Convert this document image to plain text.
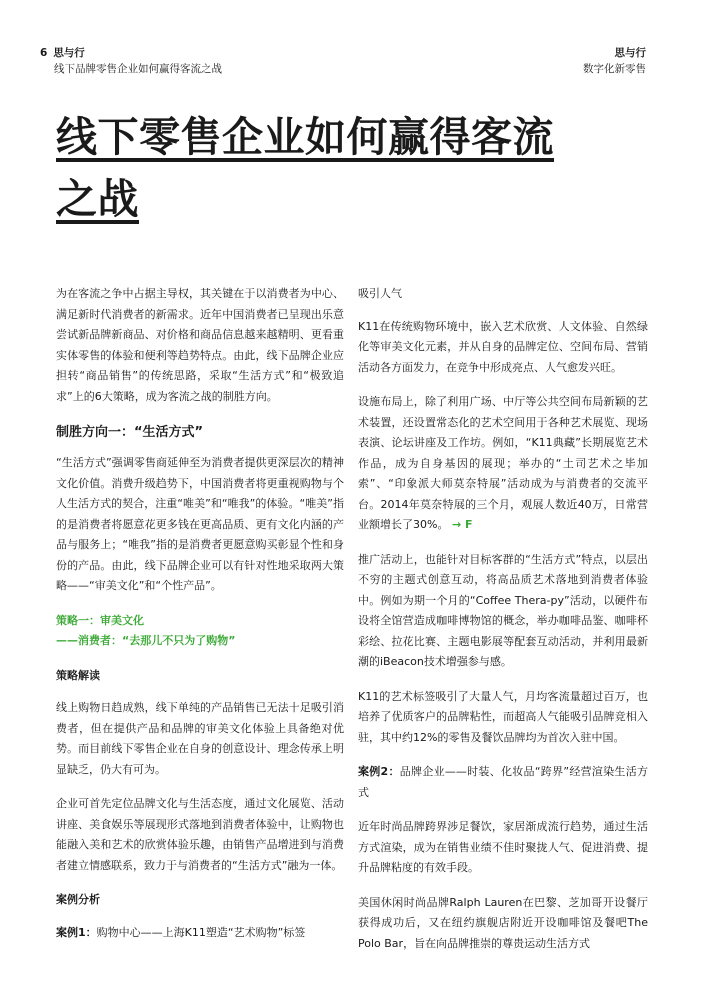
6 思与行
线下品牌零售企业如何赢得客流之战
思与行
数字化新零售
线下零售企业如何赢得客流
之战

为在客流之争中占据主导权，其关键在于以消费者为中心、满足新时代消费者的新需求。近年中国消费者已呈现出乐意尝试新品牌新商品、对价格和商品信息越来越精明、更看重实体零售的体验和便利等趋势特点。由此，线下品牌企业应担转“商品销售”的传统思路，采取“生活方式”和“极致追求”上的6大策略，成为客流之战的制胜方向。

制胜方向一：“生活方式”

“生活方式”强调零售商延伸至为消费者提供更深层次的精神文化价值。消费升级趋势下，中国消费者将更重视购物与个人生活方式的契合，注重“唯美”和“唯我”的体验。“唯美”指的是消费者将愿意花更多钱在更高品质、更有文化内涵的产品与服务上；“唯我”指的是消费者更愿意购买彰显个性和身份的产品。由此，线下品牌企业可以有针对性地采取两大策略——“审美文化”和“个性产品”。

策略一：审美文化
——消费者：“去那儿不只为了购物”
策略解读

线上购物日趋成熟，线下单纯的产品销售已无法十足吸引消费者，但在提供产品和品牌的审美文化体验上具备绝对优势。而目前线下零售企业在自身的创意设计、理念传承上明显缺乏，仍大有可为。

企业可首先定位品牌文化与生活态度，通过文化展览、活动讲座、美食娱乐等展现形式落地到消费者体验中，让购物也能融入美和艺术的欣赏体验乐趣，由销售产品增进到与消费者建立情感联系，致力于与消费者的“生活方式”融为一体。

案例分析

案例1：购物中心——上海K11塑造“艺术购物”标签

吸引人气

K11在传统购物环境中，嵌入艺术欣赏、人文体验、自然绿化等审美文化元素，并从自身的品牌定位、空间布局、营销活动各方面发力，在竞争中形成亮点、人气愈发兴旺。

设施布局上，除了利用广场、中厅等公共空间布局新颖的艺术装置，还设置常态化的艺术空间用于各种艺术展览、现场表演、论坛讲座及工作坊。例如，“K11典藏”长期展览艺术作品，成为自身基因的展现；举办的“土司艺术之毕加索”、“印象派大师莫奈特展”活动成为与消费者的交流平台。2014年莫奈特展的三个月，观展人数近40万，日常营业额增长了30%。 → F

推广活动上，也能针对目标客群的“生活方式”特点，以层出不穷的主题式创意互动，将高品质艺术落地到消费者体验中。例如为期一个月的“Coffee Thera-py”活动，以硬件布设将全馆营造成咖啡博物馆的概念，举办咖啡品鉴、咖啡杯彩绘、拉花比赛、主题电影展等配套互动活动，并利用最新潮的iBeacon技术增强参与感。

K11的艺术标签吸引了大量人气，月均客流量超过百万，也培养了优质客户的品牌粘性，而超高人气能吸引品牌竞相入驻，其中约12%的零售及餐饮品牌均为首次入驻中国。

案例2：品牌企业——时装、化妆品“跨界”经营渲染生活方式

近年时尚品牌跨界涉足餐饮，家居渐成流行趋势，通过生活方式渲染，成为在销售业绩不佳时聚拢人气、促进消费、提升品牌粘度的有效手段。

美国休闲时尚品牌Ralph Lauren在巴黎、芝加哥开设餐厅获得成功后，又在纽约旗舰店附近开设咖啡馆及餐吧The Polo Bar，旨在向品牌推崇的尊贵运动生活方式
